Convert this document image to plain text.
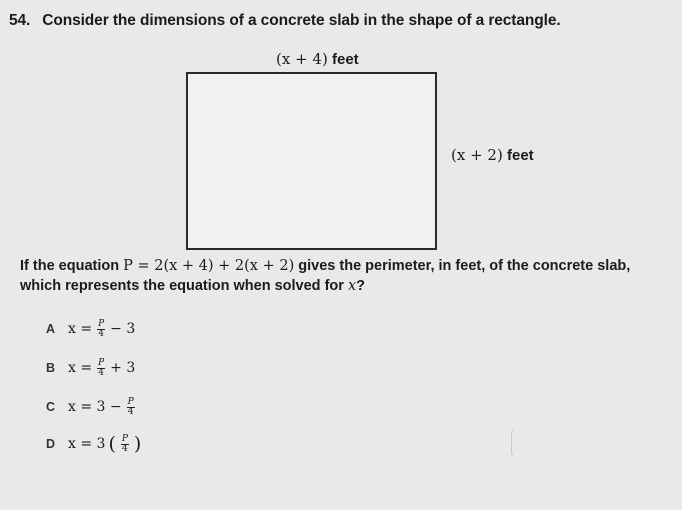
54. Consider the dimensions of a concrete slab in the shape of a rectangle.
(x + 4) feet
(x + 2) feet
If the equation P = 2(x + 4) + 2(x + 2) gives the perimeter, in feet, of the concrete slab,
which represents the equation when solved for x?
A $x = \frac{P}{4} - 3$
B $x = \frac{P}{4} + 3$
C $x = 3 - \frac{P}{4}$
D x = 3 ( $\frac{P}{4}$ )
